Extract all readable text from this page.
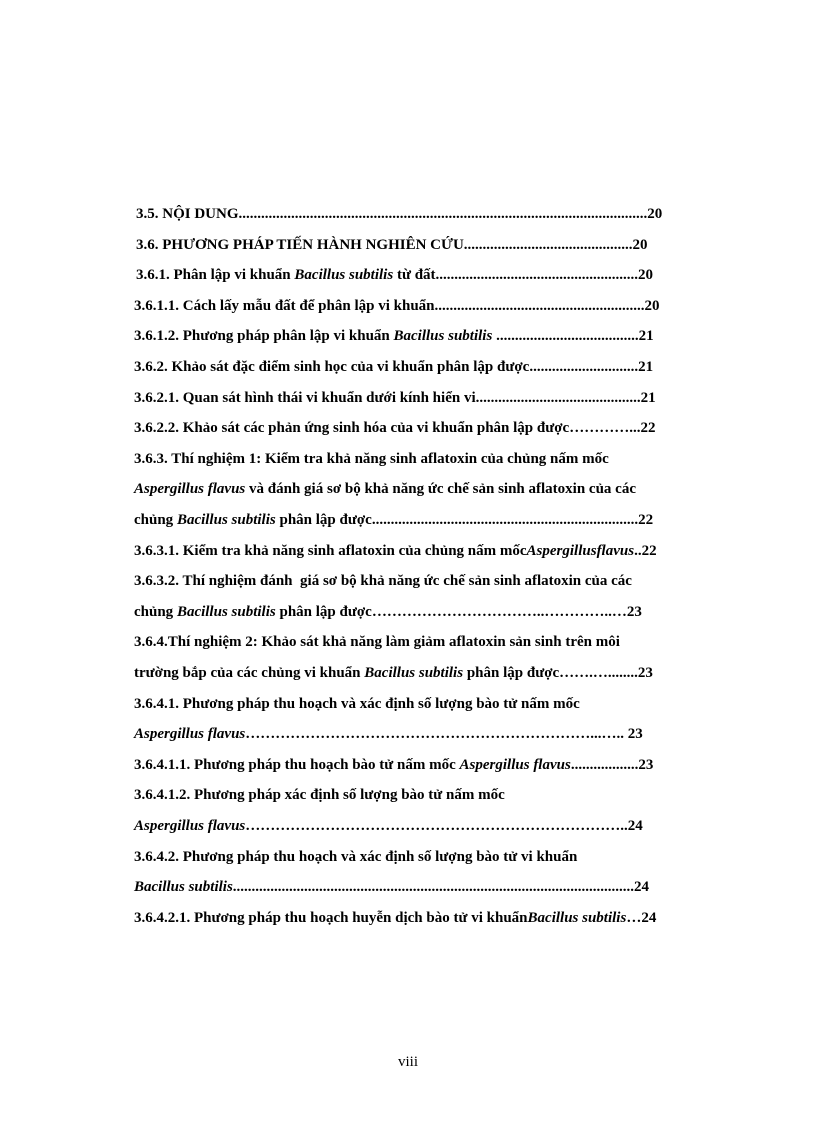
3.5. NỘI DUNG.............................................................................................................20
3.6. PHƯƠNG PHÁP TIẾN HÀNH NGHIÊN CỨU.............................................20
3.6.1. Phân lập vi khuẩn Bacillus subtilis từ đất......................................................20
3.6.1.1. Cách lấy mẫu đất để phân lập vi khuẩn........................................................20
3.6.1.2. Phương pháp phân lập vi khuẩn Bacillus subtilis ......................................21
3.6.2. Khảo sát đặc điểm sinh học của vi khuẩn phân lập được.............................21
3.6.2.1. Quan sát hình thái vi khuẩn dưới kính hiển vi............................................21
3.6.2.2. Khảo sát các phản ứng sinh hóa của vi khuẩn phân lập được…………...22
3.6.3. Thí nghiệm 1: Kiểm tra khả năng sinh aflatoxin của chủng nấm mốc
Aspergillus flavus và đánh giá sơ bộ khả năng ức chế sản sinh aflatoxin của các
chủng Bacillus subtilis phân lập được.......................................................................22
3.6.3.1. Kiểm tra khả năng sinh aflatoxin của chủng nấm mốcAspergillusflavus..22
3.6.3.2. Thí nghiệm đánh  giá sơ bộ khả năng ức chế sản sinh aflatoxin của các
chủng Bacillus subtilis phân lập được……………………………..…………..…23
3.6.4.Thí nghiệm 2: Khảo sát khả năng làm giảm aflatoxin sản sinh trên môi
trường bắp của các chủng vi khuẩn Bacillus subtilis phân lập được…….…........23
3.6.4.1. Phương pháp thu hoạch và xác định số lượng bào tử nấm mốc
Aspergillus flavus……………………………………………………………...….. 23
3.6.4.1.1. Phương pháp thu hoạch bào tử nấm mốc Aspergillus flavus..................23
3.6.4.1.2. Phương pháp xác định số lượng bào tử nấm mốc
Aspergillus flavus…………………………………………………………………..24
3.6.4.2. Phương pháp thu hoạch và xác định số lượng bào tử vi khuẩn
Bacillus subtilis...........................................................................................................24
3.6.4.2.1. Phương pháp thu hoạch huyễn dịch bào tử vi khuẩnBacillus subtilis…24
viii
